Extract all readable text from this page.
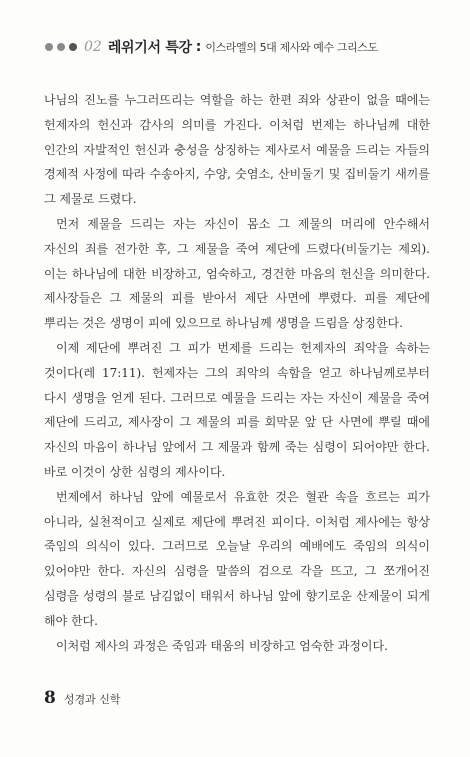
02 레위기서 특강 : 이스라엘의 5대 제사와 예수 그리스도

나님의 진노를 누그러뜨리는 역할을 하는 한편 죄와 상관이 없을 때에는 헌제자의 헌신과 감사의 의미를 가진다. 이처럼 번제는 하나님께 대한 인간의 자발적인 헌신과 충성을 상징하는 제사로서 예물을 드리는 자들의 경제적 사정에 따라 수송아지, 수양, 숫염소, 산비둘기 및 집비둘기 새끼를 그 제물로 드렸다.

먼저 제물을 드리는 자는 자신이 몸소 그 제물의 머리에 안수해서 자신의 죄를 전가한 후, 그 제물을 죽여 제단에 드렸다(비둘기는 제외). 이는 하나님에 대한 비장하고, 엄숙하고, 경건한 마음의 헌신을 의미한다. 제사장들은 그 제물의 피를 받아서 제단 사면에 뿌렸다. 피를 제단에 뿌리는 것은 생명이 피에 있으므로 하나님께 생명을 드림을 상징한다.

이제 제단에 뿌려진 그 피가 번제를 드리는 헌제자의 죄악을 속하는 것이다(레 17:11). 헌제자는 그의 죄악의 속함을 얻고 하나님께로부터 다시 생명을 얻게 된다. 그러므로 예물을 드리는 자는 자신이 제물을 죽여 제단에 드리고, 제사장이 그 제물의 피를 회막문 앞 단 사면에 뿌릴 때에 자신의 마음이 하나님 앞에서 그 제물과 함께 죽는 심령이 되어야만 한다. 바로 이것이 상한 심령의 제사이다.

번제에서 하나님 앞에 예물로서 유효한 것은 혈관 속을 흐르는 피가 아니라, 실천적이고 실제로 제단에 뿌려진 피이다. 이처럼 제사에는 항상 죽임의 의식이 있다. 그러므로 오늘날 우리의 예배에도 죽임의 의식이 있어야만 한다. 자신의 심령을 말씀의 검으로 각을 뜨고, 그 쪼개어진 심령을 성령의 불로 남김없이 태워서 하나님 앞에 향기로운 산제물이 되게 해야 한다.

이처럼 제사의 과정은 죽임과 태움의 비장하고 엄숙한 과정이다.

8 성경과 신학
